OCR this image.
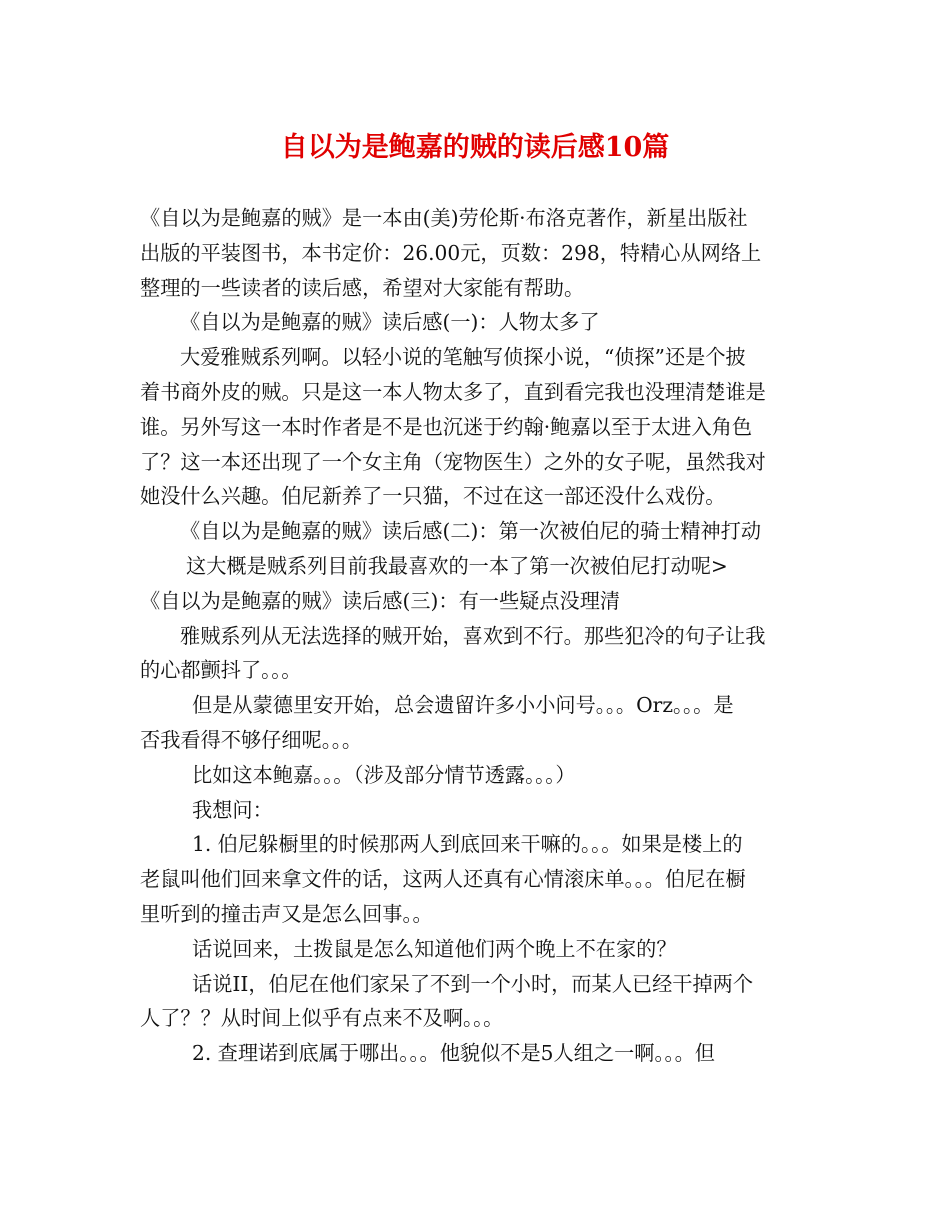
自以为是鲍嘉的贼的读后感10篇

《自以为是鲍嘉的贼》是一本由(美)劳伦斯·布洛克著作，新星出版社

出版的平装图书，本书定价：26.00元，页数：298，特精心从网络上

整理的一些读者的读后感，希望对大家能有帮助。

《自以为是鲍嘉的贼》读后感(一)：人物太多了

大爱雅贼系列啊。以轻小说的笔触写侦探小说，“侦探”还是个披

着书商外皮的贼。只是这一本人物太多了，直到看完我也没理清楚谁是

谁。另外写这一本时作者是不是也沉迷于约翰·鲍嘉以至于太进入角色

了？这一本还出现了一个女主角（宠物医生）之外的女子呢，虽然我对

她没什么兴趣。伯尼新养了一只猫，不过在这一部还没什么戏份。

《自以为是鲍嘉的贼》读后感(二)：第一次被伯尼的骑士精神打动

这大概是贼系列目前我最喜欢的一本了第一次被伯尼打动呢>

《自以为是鲍嘉的贼》读后感(三)：有一些疑点没理清

雅贼系列从无法选择的贼开始，喜欢到不行。那些犯冷的句子让我

的心都颤抖了。。。

但是从蒙德里安开始，总会遗留许多小小问号。。。Orz。。。是

否我看得不够仔细呢。。。

比如这本鲍嘉。。。（涉及部分情节透露。。。）

我想问：

1. 伯尼躲橱里的时候那两人到底回来干嘛的。。。如果是楼上的

老鼠叫他们回来拿文件的话，这两人还真有心情滚床单。。。伯尼在橱

里听到的撞击声又是怎么回事。。

话说回来，土拨鼠是怎么知道他们两个晚上不在家的？

话说II，伯尼在他们家呆了不到一个小时，而某人已经干掉两个

人了？？从时间上似乎有点来不及啊。。。

2. 查理诺到底属于哪出。。。他貌似不是5人组之一啊。。。但
